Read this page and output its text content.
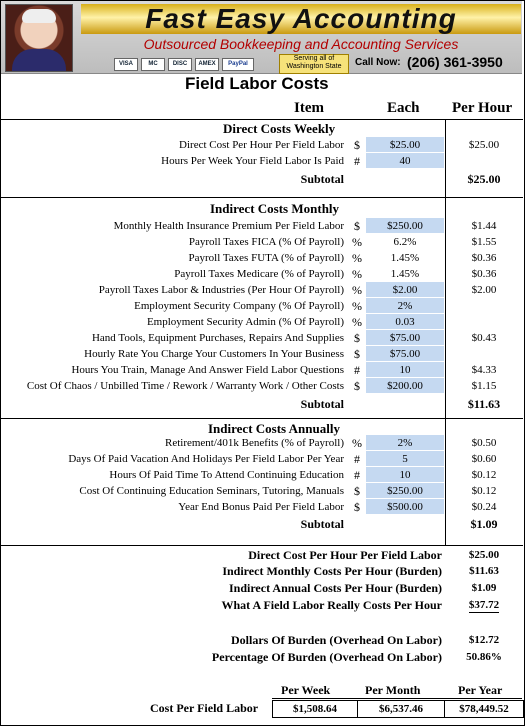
Fast Easy Accounting
Outsourced Bookkeeping and Accounting Services
VISA	MC	DISC	AMEX	PayPal
Serving all of Washington State	Call Now: (206) 361-3950
Field Labor Costs
Item	Each Per Hour
Direct Costs Weekly
Direct Cost Per Hour Per Field Labor $	$25.00	$25.00
Hours Per Week Your Field Labor Is Paid #	40
Subtotal	$25.00
Indirect Costs Monthly
Monthly Health Insurance Premium Per Field Labor $	$250.00	$1.44
Payroll Taxes FICA (% Of Payroll) %	6.2%	$1.55
Payroll Taxes FUTA (% of Payroll) %	1.45%	$0.36
Payroll Taxes Medicare (% of Payroll) %	1.45%	$0.36
Payroll Taxes Labor & Industries (Per Hour Of Payroll) %	$2.00	$2.00
Employment Security Company (% Of Payroll) %	2%
Employment Security Admin (% Of Payroll) %	0.03
Hand Tools, Equipment Purchases, Repairs And Supplies $	$75.00	$0.43
Hourly Rate You Charge Your Customers In Your Business $	$75.00
Hours You Train, Manage And Answer Field Labor Questions #	10	$4.33
Cost Of Chaos / Unbilled Time / Rework / Warranty Work / Other Costs $	$200.00	$1.15
Subtotal	$11.63
Indirect Costs Annually
Retirement/401k Benefits (% of Payroll) %	2%	$0.50
Days Of Paid Vacation And Holidays Per Field Labor Per Year #	5	$0.60
Hours Of Paid Time To Attend Continuing Education #	10	$0.12
Cost Of Continuing Education Seminars, Tutoring, Manuals $	$250.00	$0.12
Year End Bonus Paid Per Field Labor $	$500.00	$0.24
Subtotal	$1.09
Direct Cost Per Hour Per Field Labor	$25.00
Indirect Monthly Costs Per Hour (Burden)	$11.63
Indirect Annual Costs Per Hour (Burden)	$1.09
What A Field Labor Really Costs Per Hour	$37.72
Dollars Of Burden (Overhead On Labor)	$12.72
Percentage Of Burden (Overhead On Labor)	50.86%
Per Week	Per Month	Per Year
Cost Per Field Labor	$1,508.64	$6,537.46	$78,449.52
